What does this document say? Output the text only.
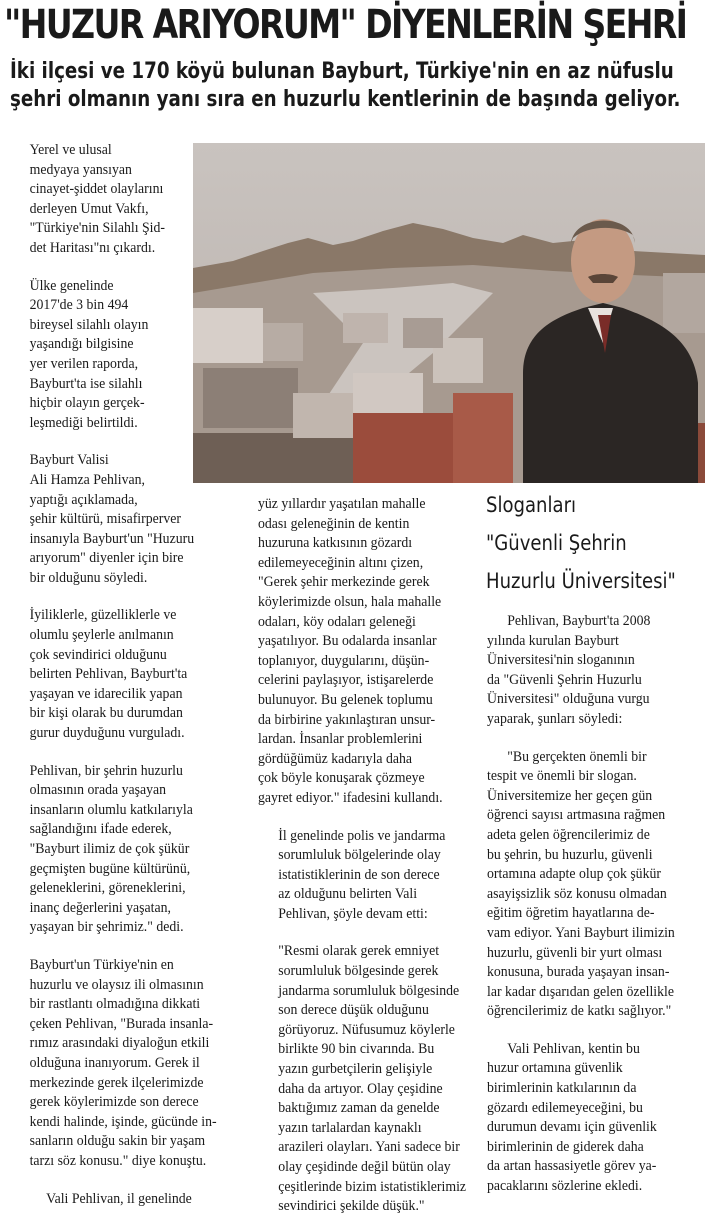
"HUZUR ARIYORUM" DİYENLERİN ŞEHRİ
İki ilçesi ve 170 köyü bulunan Bayburt, Türkiye'nin en az nüfuslu
şehri olmanın yanı sıra en huzurlu kentlerinin de başında geliyor.

Yerel ve ulusal
medyaya yansıyan
cinayet-şiddet olaylarını
derleyen Umut Vakfı,
"Türkiye'nin Silahlı Şid-
det Haritası"nı çıkardı.

Ülke genelinde
2017'de 3 bin 494
bireysel silahlı olayın
yaşandığı bilgisine
yer verilen raporda,
Bayburt'ta ise silahlı
hiçbir olayın gerçek-
leşmediği belirtildi.

Bayburt Valisi
Ali Hamza Pehlivan,
yaptığı açıklamada,
şehir kültürü, misafirperver
insanıyla Bayburt'un "Huzuru
arıyorum" diyenler için bire
bir olduğunu söyledi.

İyiliklerle, güzelliklerle ve
olumlu şeylerle anılmanın
çok sevindirici olduğunu
belirten Pehlivan, Bayburt'ta
yaşayan ve idarecilik yapan
bir kişi olarak bu durumdan
gurur duyduğunu vurguladı.

Pehlivan, bir şehrin huzurlu
olmasının orada yaşayan
insanların olumlu katkılarıyla
sağlandığını ifade ederek,
"Bayburt ilimiz de çok şükür
geçmişten bugüne kültürünü,
geleneklerini, göreneklerini,
inanç değerlerini yaşatan,
yaşayan bir şehrimiz." dedi.

Bayburt'un Türkiye'nin en
huzurlu ve olaysız ili olmasının
bir rastlantı olmadığına dikkati
çeken Pehlivan, "Burada insanla-
rımız arasındaki diyaloğun etkili
olduğuna inanıyorum. Gerek il
merkezinde gerek ilçelerimizde
gerek köylerimizde son derece
kendi halinde, işinde, gücünde in-
sanların olduğu sakin bir yaşam
tarzı söz konusu." diye konuştu.

Vali Pehlivan, il genelinde

yüz yıllardır yaşatılan mahalle
odası geleneğinin de kentin
huzuruna katkısının gözardı
edilemeyeceğinin altını çizen,
"Gerek şehir merkezinde gerek
köylerimizde olsun, hala mahalle
odaları, köy odaları geleneği
yaşatılıyor. Bu odalarda insanlar
toplanıyor, duygularını, düşün-
celerini paylaşıyor, istişarelerde
bulunuyor. Bu gelenek toplumu
da birbirine yakınlaştıran unsur-
lardan. İnsanlar problemlerini
gördüğümüz kadarıyla daha
çok böyle konuşarak çözmeye
gayret ediyor." ifadesini kullandı.

İl genelinde polis ve jandarma
sorumluluk bölgelerinde olay
istatistiklerinin de son derece
az olduğunu belirten Vali
Pehlivan, şöyle devam etti:

"Resmi olarak gerek emniyet
sorumluluk bölgesinde gerek
jandarma sorumluluk bölgesinde
son derece düşük olduğunu
görüyoruz. Nüfusumuz köylerle
birlikte 90 bin civarında. Bu
yazın gurbetçilerin gelişiyle
daha da artıyor. Olay çeşidine
baktığımız zaman da genelde
yazın tarlalardan kaynaklı
arazileri olayları. Yani sadece bir
olay çeşidinde değil bütün olay
çeşitlerinde bizim istatistiklerimiz
sevindirici şekilde düşük."

Sloganları
"Güvenli Şehrin
Huzurlu Üniversitesi"

Pehlivan, Bayburt'ta 2008
yılında kurulan Bayburt
Üniversitesi'nin sloganının
da "Güvenli Şehrin Huzurlu
Üniversitesi" olduğuna vurgu
yaparak, şunları söyledi:

"Bu gerçekten önemli bir
tespit ve önemli bir slogan.
Üniversitemize her geçen gün
öğrenci sayısı artmasına rağmen
adeta gelen öğrencilerimiz de
bu şehrin, bu huzurlu, güvenli
ortamına adapte olup çok şükür
asayişsizlik söz konusu olmadan
eğitim öğretim hayatlarına de-
vam ediyor. Yani Bayburt ilimizin
huzurlu, güvenli bir yurt olması
konusuna, burada yaşayan insan-
lar kadar dışarıdan gelen özellikle
öğrencilerimiz de katkı sağlıyor."

Vali Pehlivan, kentin bu
huzur ortamına güvenlik
birimlerinin katkılarının da
gözardı edilemeyeceğini, bu
durumun devamı için güvenlik
birimlerinin de giderek daha
da artan hassasiyetle görev ya-
pacaklarını sözlerine ekledi.
